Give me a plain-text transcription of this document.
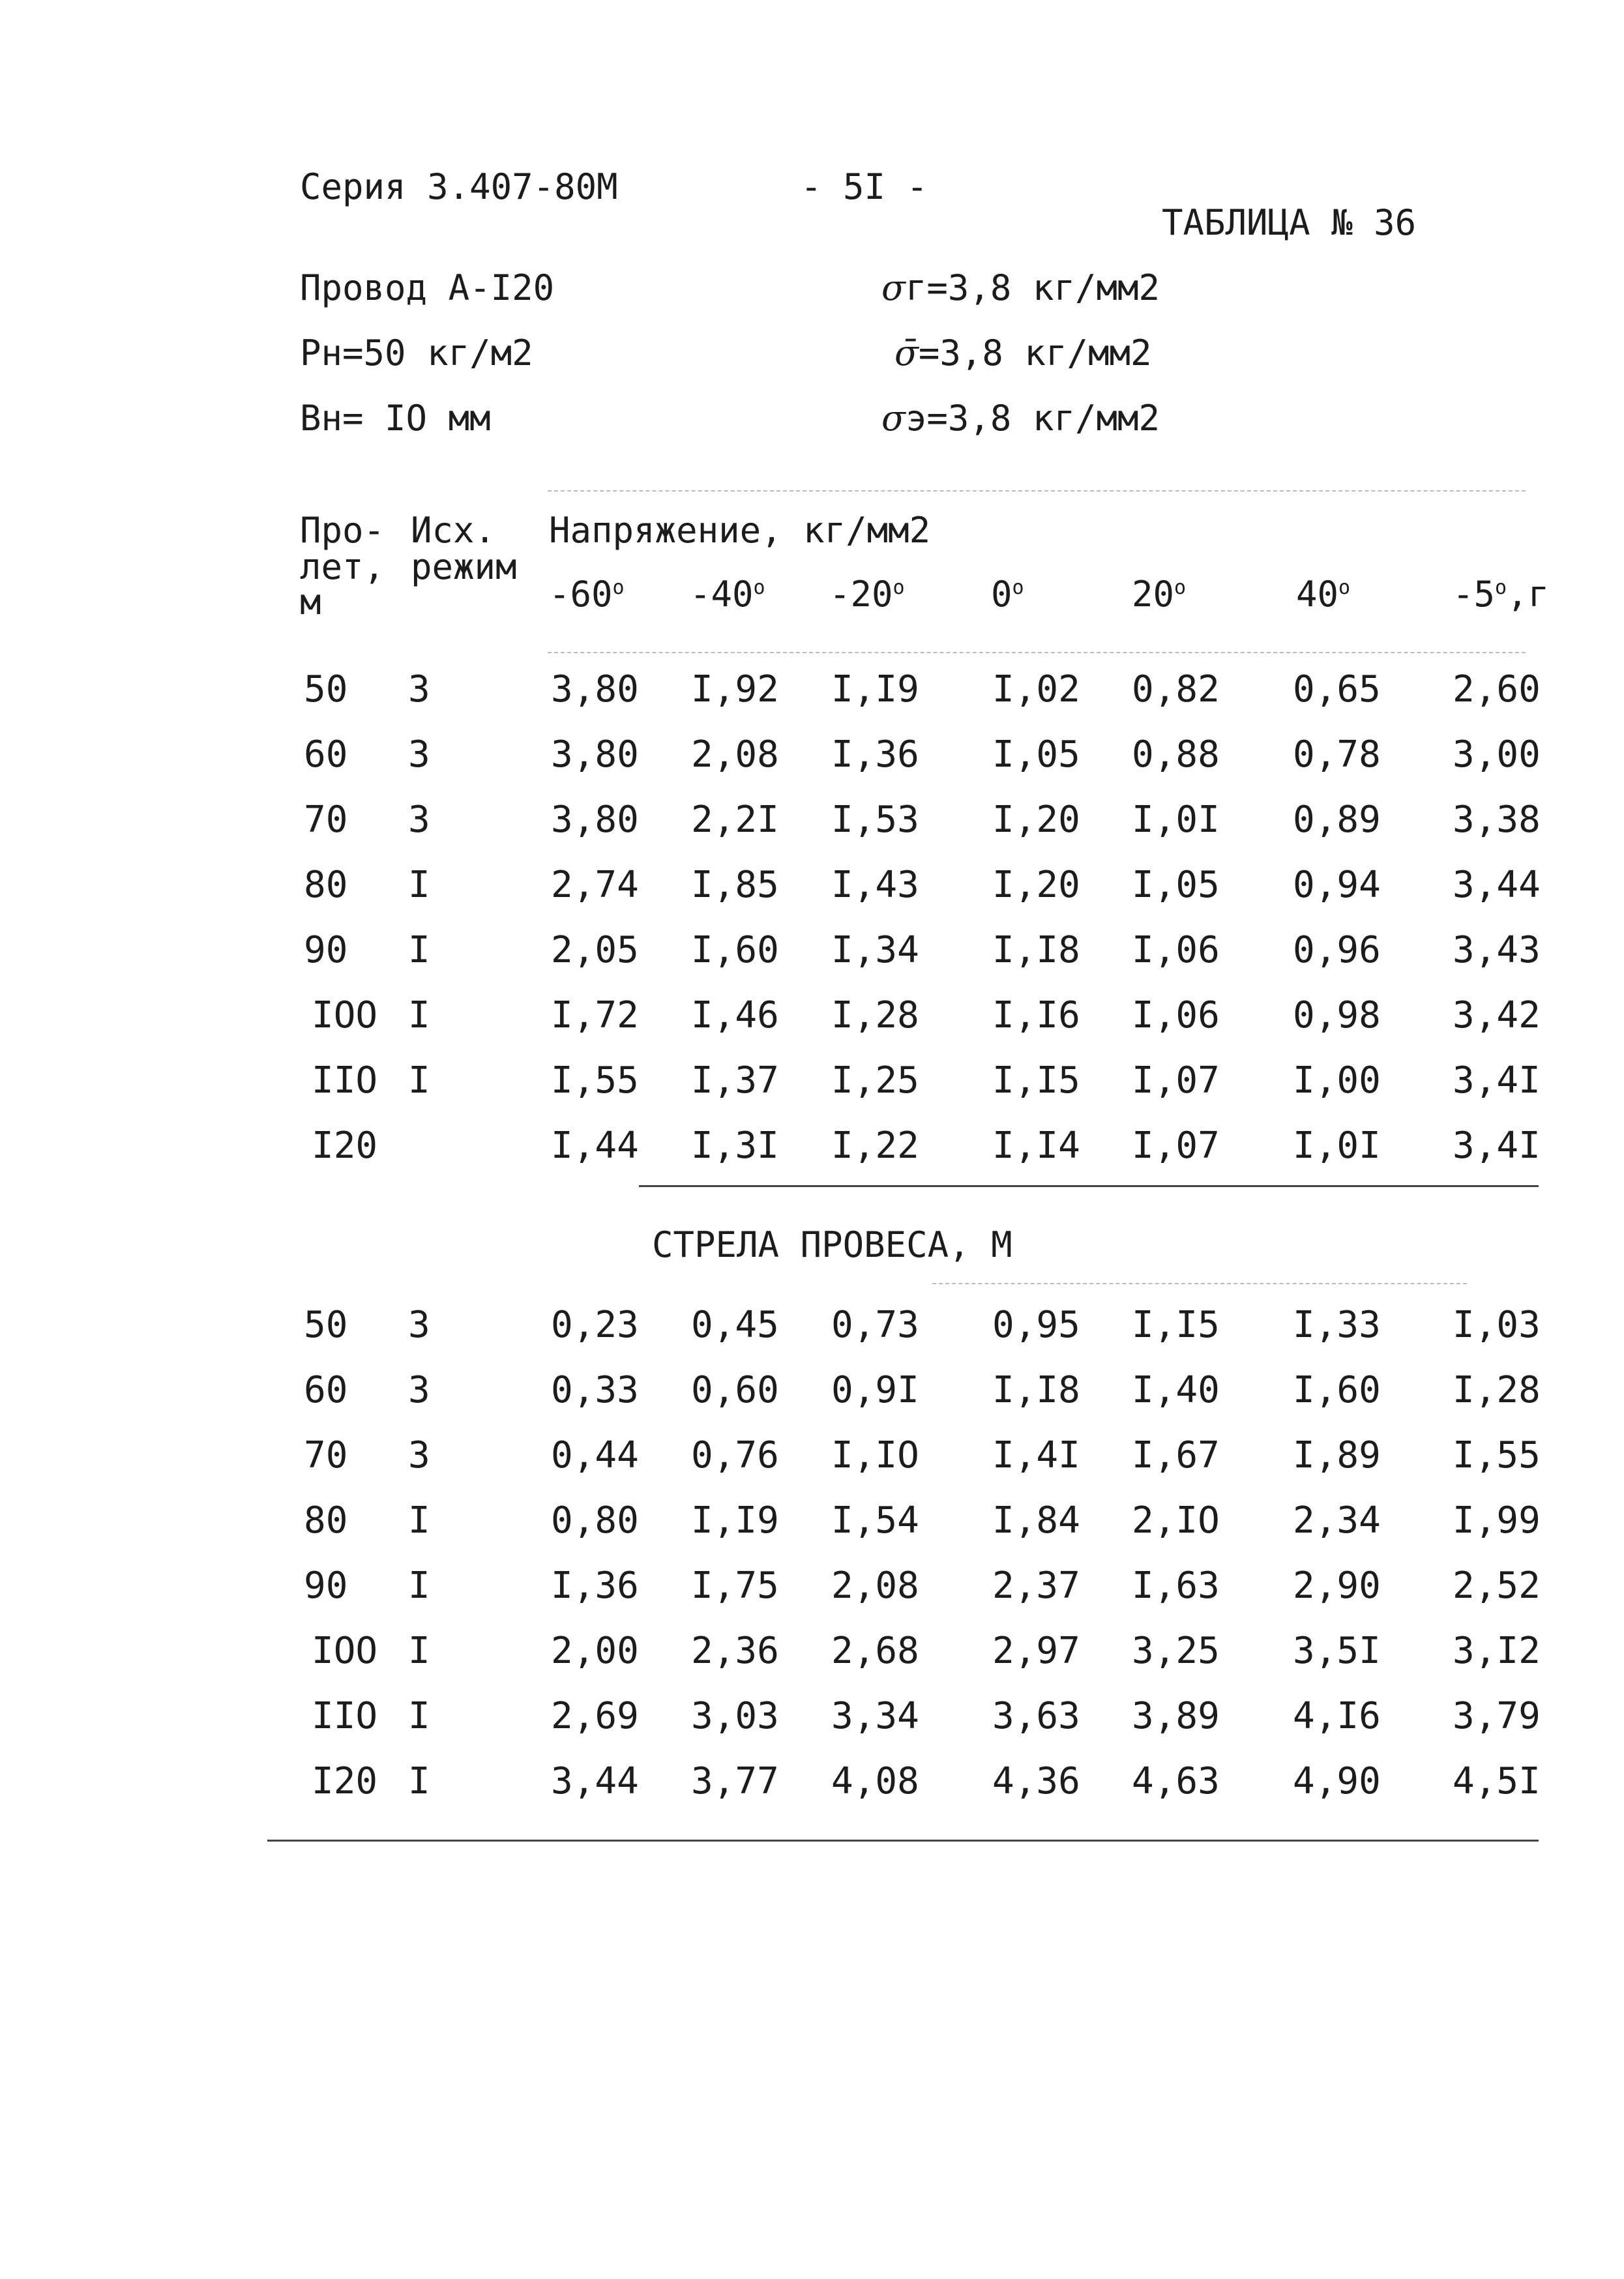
Серия 3.407-80М	- 5I -
ТАБЛИЦА № 36
Провод А-I20
Рн=50 кг/м2
Вн= IO мм
σг=3,8 кг/мм2
σ̄=3,8 кг/мм2
σэ=3,8 кг/мм2
Про-
лет,
м
Исх.
режим
Напряжение, кг/мм2
-60$^o$ -40$^o$ -20$^o$ 0$^o$	20$^o$	40$^o$	-5$^o$,г
50 3	3,80 I,92 I,I9 I,02 0,82 0,65 2,60
60 3	3,80 2,08 I,36 I,05 0,88 0,78 3,00
70 3	3,80 2,2I I,53 I,20 I,0I 0,89 3,38
80 I	2,74 I,85 I,43 I,20 I,05 0,94 3,44
90 I	2,05 I,60 I,34 I,I8 I,06 0,96 3,43
IOO I	I,72 I,46 I,28 I,I6 I,06 0,98 3,42
IIO I	I,55 I,37 I,25 I,I5 I,07 I,00 3,4I
I20	I,44 I,3I I,22 I,I4 I,07 I,0I 3,4I
СТРЕЛА ПРОВЕСА, М
50 3	0,23 0,45 0,73 0,95 I,I5 I,33 I,03
60 3	0,33 0,60 0,9I I,I8 I,40 I,60 I,28
70 3	0,44 0,76 I,IO I,4I I,67 I,89 I,55
80 I	0,80 I,I9 I,54 I,84 2,IO 2,34 I,99
90 I	I,36 I,75 2,08 2,37 I,63 2,90 2,52
IOO I	2,00 2,36 2,68 2,97 3,25 3,5I 3,I2
IIO I	2,69 3,03 3,34 3,63 3,89 4,I6 3,79
I20 I	3,44 3,77 4,08 4,36 4,63 4,90 4,5I
